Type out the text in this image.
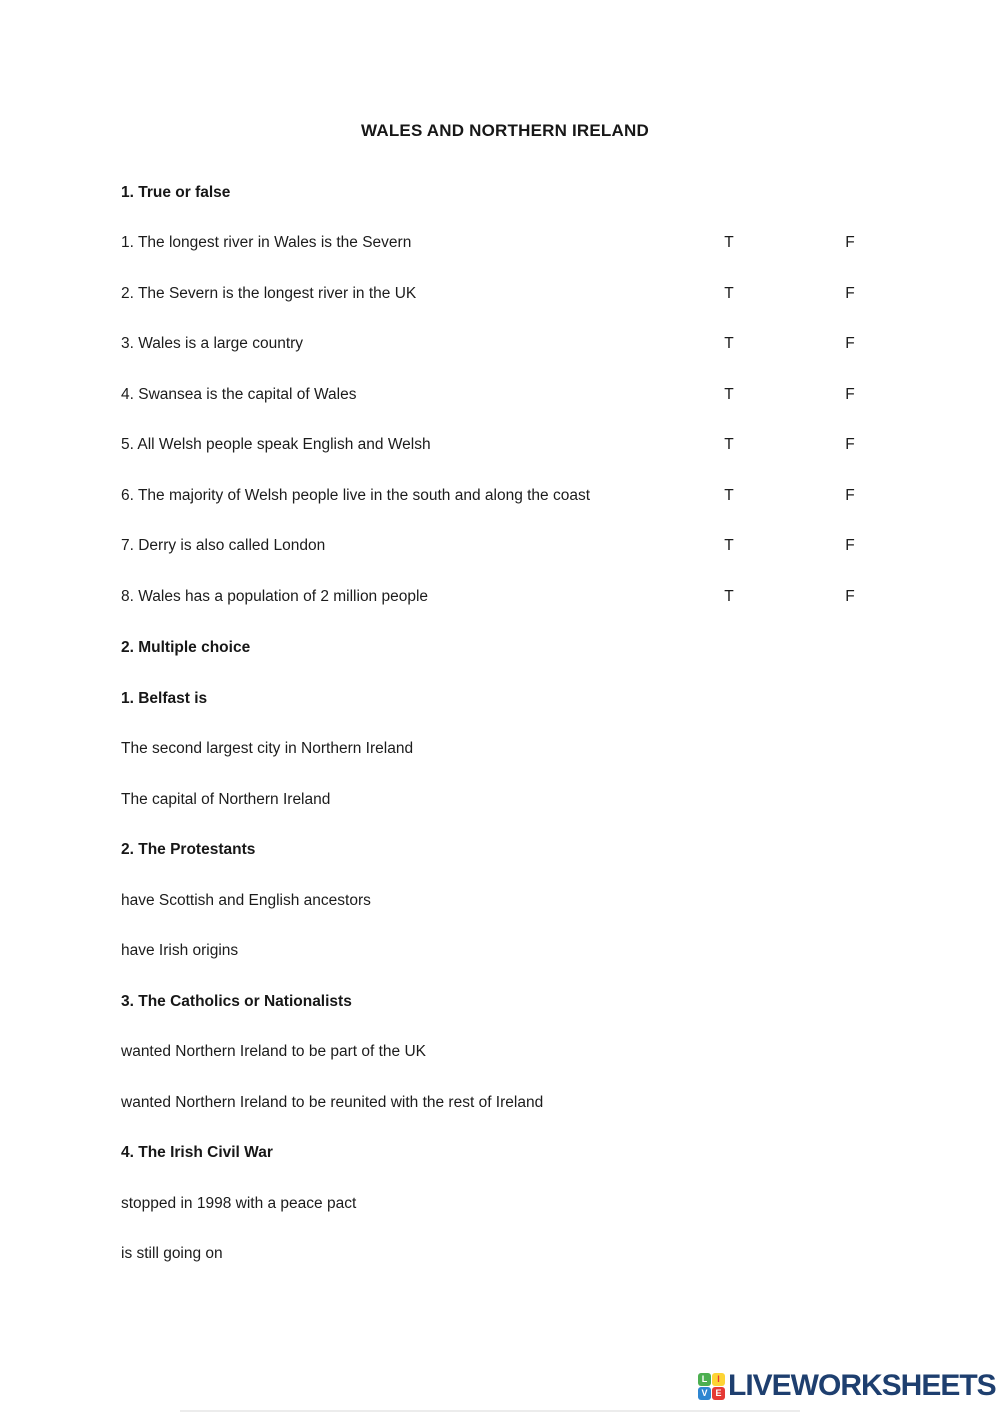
WALES AND NORTHERN IRELAND
1. True or false
1. The longest river in Wales is the Severn	T	F
2. The Severn is the longest river in the UK	T	F
3. Wales is a large country	T	F
4. Swansea is the capital of Wales	T	F
5. All Welsh people speak English and Welsh	T	F
6. The majority of Welsh people live in the south and along the coast	T	F
7. Derry is also called London	T	F
8. Wales has a population of 2 million people	T	F
2. Multiple choice
1. Belfast is
The second largest city in Northern Ireland
The capital of Northern Ireland
2. The Protestants
have Scottish and English ancestors
have Irish origins
3. The Catholics or Nationalists
wanted Northern Ireland to be part of the UK
wanted Northern Ireland to be reunited with the rest of Ireland
4. The Irish Civil War
stopped in 1998 with a peace pact
is still going on
L	I
V E LIVEWORKSHEETS
